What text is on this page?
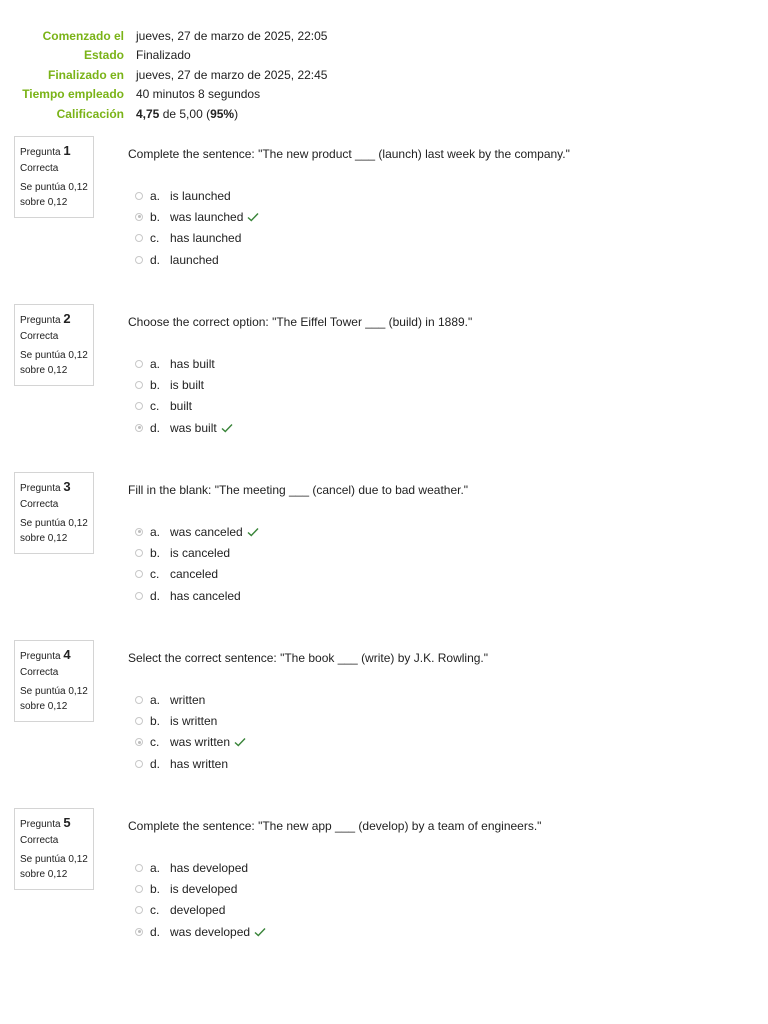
Comenzado el jueves, 27 de marzo de 2025, 22:05
Estado Finalizado
Finalizado en jueves, 27 de marzo de 2025, 22:45
Tiempo empleado 40 minutos 8 segundos
Calificación 4,75 de 5,00 (95%)
Pregunta 1
Correcta
Se puntúa 0,12
sobre 0,12
Complete the sentence: "The new product ___ (launch) last week by the company."
a. is launched
b. was launched
c. has launched
d. launched
Pregunta 2
Correcta
Se puntúa 0,12
sobre 0,12
Choose the correct option: "The Eiffel Tower ___ (build) in 1889."
a. has built
b. is built
c. built
d. was built
Pregunta 3
Correcta
Se puntúa 0,12
sobre 0,12
Fill in the blank: "The meeting ___ (cancel) due to bad weather."
a. was canceled
b. is canceled
c. canceled
d. has canceled
Pregunta 4
Correcta
Se puntúa 0,12
sobre 0,12
Select the correct sentence: "The book ___ (write) by J.K. Rowling."
a. written
b. is written
c. was written
d. has written
Pregunta 5
Correcta
Se puntúa 0,12
sobre 0,12
Complete the sentence: "The new app ___ (develop) by a team of engineers."
a. has developed
b. is developed
c. developed
d. was developed
